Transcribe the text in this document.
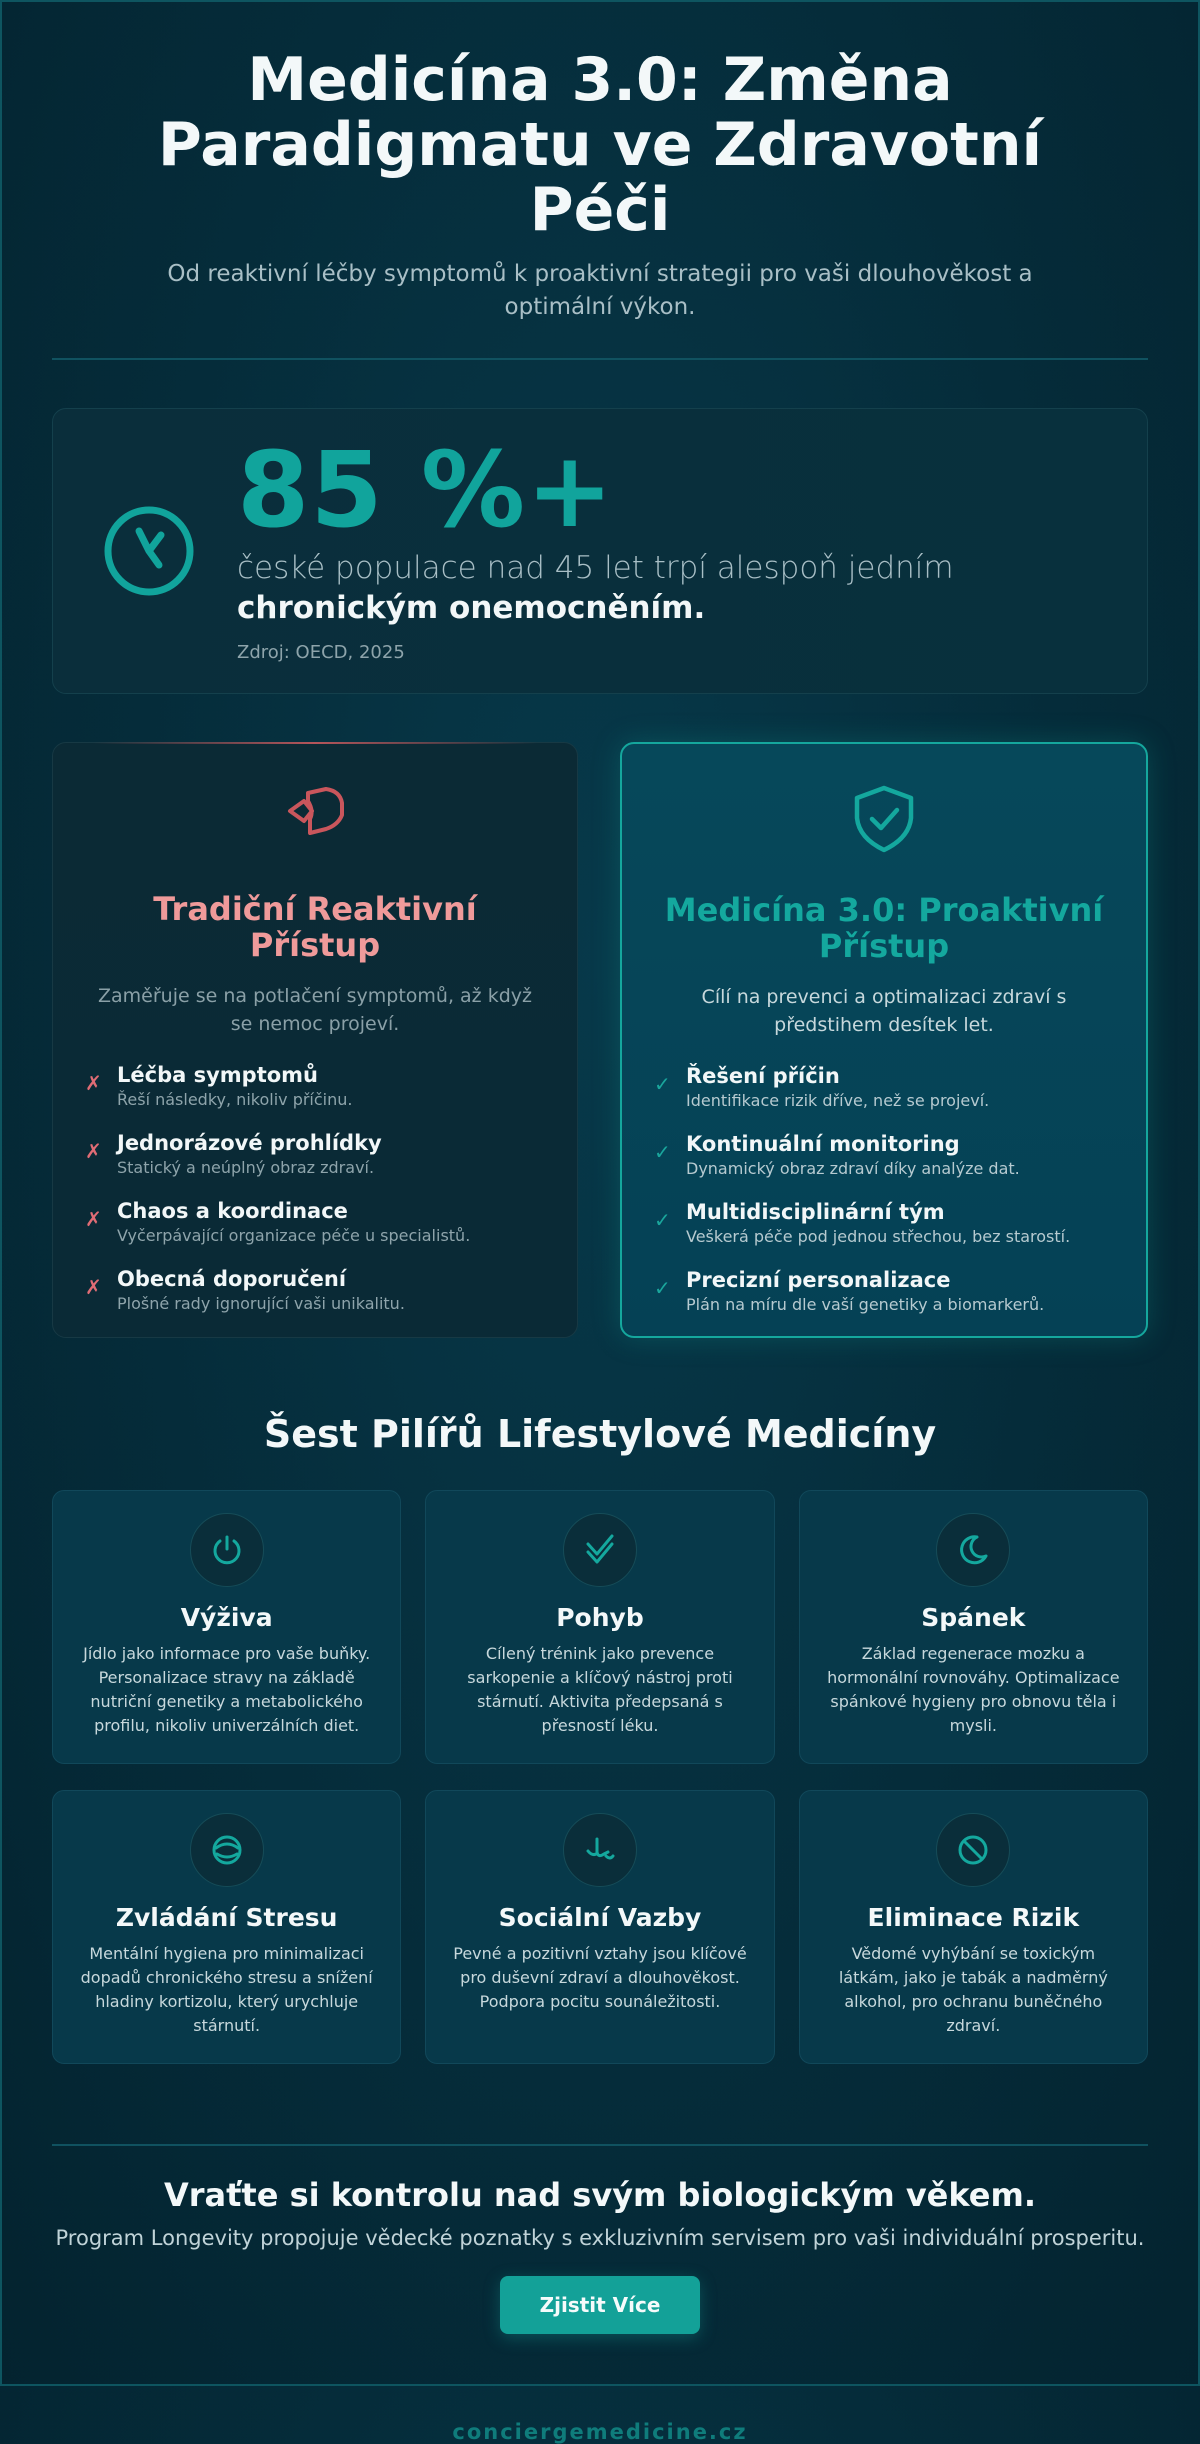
Medicína 3.0: Změna Paradigmatu ve Zdravotní Péči

Od reaktivní léčby symptomů k proaktivní strategii pro vaši dlouhověkost a optimální výkon.

85 %+
české populace nad 45 let trpí alespoň jedním
chronickým onemocněním.
Zdroj: OECD, 2025
Tradiční Reaktivní Přístup

Zaměřuje se na potlačení symptomů, až když se nemoc projeví.

✗ Léčba symptomů
Řeší následky, nikoliv příčinu.
✗ Jednorázové prohlídky
Statický a neúplný obraz zdraví.
✗ Chaos a koordinace
Vyčerpávající organizace péče u specialistů.
✗ Obecná doporučení
Plošné rady ignorující vaši unikalitu.
Medicína 3.0: Proaktivní Přístup

Cílí na prevenci a optimalizaci zdraví s předstihem desítek let.

✓ Řešení příčin
Identifikace rizik dříve, než se projeví.
✓ Kontinuální monitoring
Dynamický obraz zdraví díky analýze dat.
✓ Multidisciplinární tým
Veškerá péče pod jednou střechou, bez starostí.
✓ Precizní personalizace
Plán na míru dle vaší genetiky a biomarkerů.
Šest Pilířů Lifestylové Medicíny
Výživa

Jídlo jako informace pro vaše buňky. Personalizace stravy na základě nutriční genetiky a metabolického profilu, nikoliv univerzálních diet.

Pohyb

Cílený trénink jako prevence sarkopenie a klíčový nástroj proti stárnutí. Aktivita předepsaná s přesností léku.

Spánek

Základ regenerace mozku a hormonální rovnováhy. Optimalizace spánkové hygieny pro obnovu těla i mysli.

Zvládání Stresu

Mentální hygiena pro minimalizaci dopadů chronického stresu a snížení hladiny kortizolu, který urychluje stárnutí.

Sociální Vazby

Pevné a pozitivní vztahy jsou klíčové pro duševní zdraví a dlouhověkost. Podpora pocitu sounáležitosti.

Eliminace Rizik

Vědomé vyhýbání se toxickým látkám, jako je tabák a nadměrný alkohol, pro ochranu buněčného zdraví.

Vraťte si kontrolu nad svým biologickým věkem.

Program Longevity propojuje vědecké poznatky s exkluzivním servisem pro vaši individuální prosperitu.

Zjistit Více
conciergemedicine.cz
